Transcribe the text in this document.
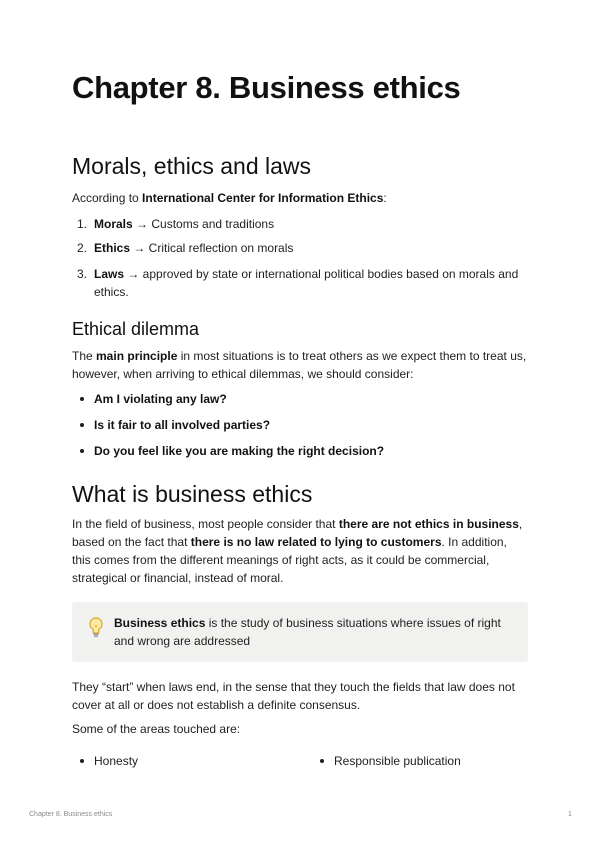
Chapter 8. Business ethics
Morals, ethics and laws

According to International Center for Information Ethics:

1. Morals → Customs and traditions
2. Ethics → Critical reflection on morals
3. Laws → approved by state or international political bodies based on morals and ethics.
Ethical dilemma

The main principle in most situations is to treat others as we expect them to treat us, however, when arriving to ethical dilemmas, we should consider:

Am I violating any law?
Is it fair to all involved parties?
Do you feel like you are making the right decision?
What is business ethics

In the field of business, most people consider that there are not ethics in business, based on the fact that there is no law related to lying to customers. In addition, this comes from the different meanings of right acts, as it could be commercial, strategical or financial, instead of moral.

Business ethics is the study of business situations where issues of right and wrong are addressed

They “start” when laws end, in the sense that they touch the fields that law does not cover at all or does not establish a definite consensus.

Some of the areas touched are:

Honesty	Responsible publication
Chapter 8. Business ethics	1
